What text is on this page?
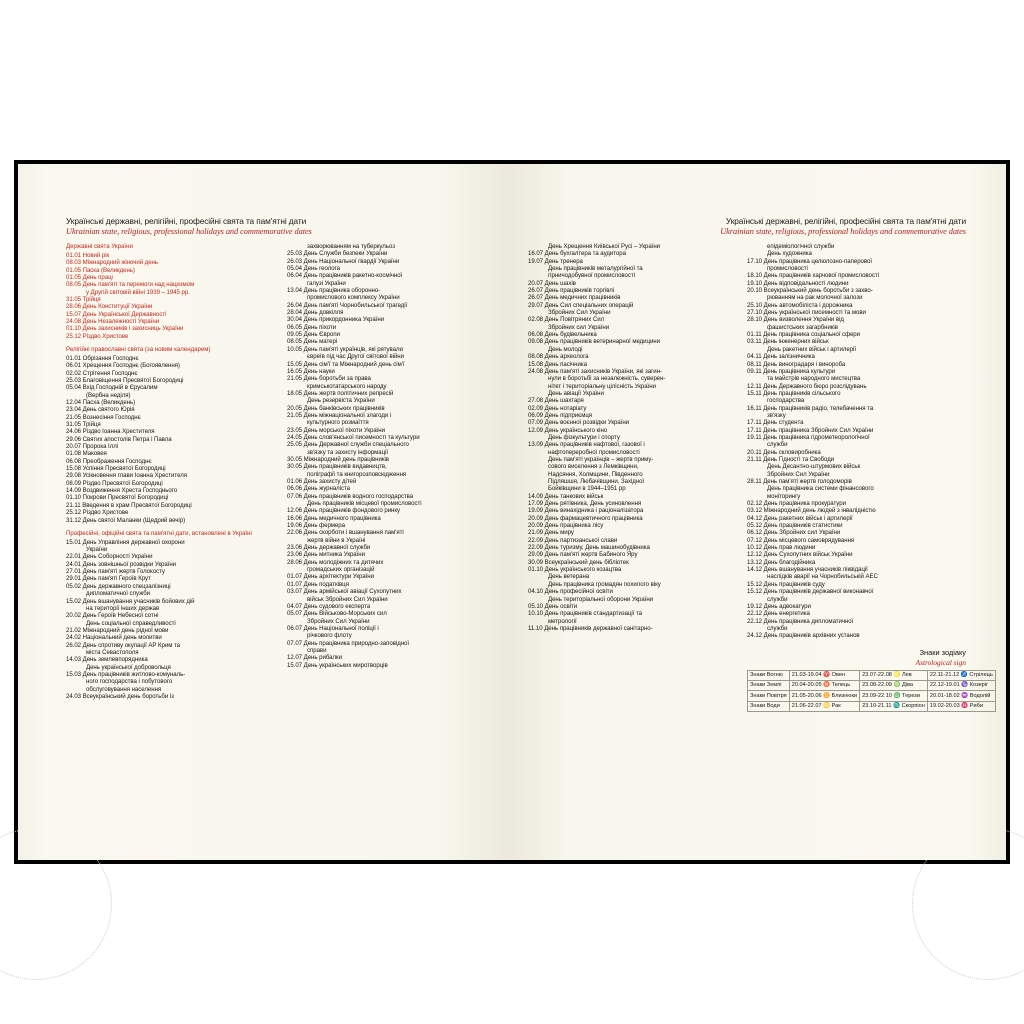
Українські державні, релігійні, професійні свята та пам'ятні дати
Ukrainian state, religious, professional holidays and commemorative dates
Державні свята України
01.01 Новий рік
08.03 Міжнародний жіночий день
01.05 Паска (Великдень)
01.05 День праці
08.05 День пам'яті та перемоги над нацизмом
у Другій світовій війні 1939 – 1945 рр.
31.05 Трійця
28.06 День Конституції України
15.07 День Української Державності
24.08 День Незалежності України
01.10 День захисників і захисниць України
25.12 Різдво Христове
Релігійні православні свята (за новим календарем)
01.01 Обрізання Господнє
06.01 Хрещення Господнє (Богоявлення)
02.02 Стрітення Господнє
25.03 Благовіщення Пресвятої Богородиці
05.04 Вхід Господній в Єрусалим
(Вербна неділя)
12.04 Пасха (Великдень)
23.04 День святого Юрія
21.05 Вознесіння Господнє
31.05 Трійця
24.06 Різдво Іоанна Хрестителя
29.06 Святих апостолів Петра і Павла
20.07 Пророка Іллі
01.08 Маковея
06.08 Преображення Господнє
15.08 Успіння Пресвятої Богородиці
29.08 Усікновення глави Іоанна Хрестителя
08.09 Різдво Пресвятої Богородиці
14.09 Воздвиження Хреста Господнього
01.10 Покрови Пресвятої Богородиці
21.11 Введення в храм Пресвятої Богородиці
25.12 Різдво Христове
31.12 День святої Маланки (Щедрий вечір)
Професійні, офіційні свята та пам'ятні дати, встановлені в Україні
15.01 День Управління державної охорони
України
22.01 День Соборності України
24.01 День зовнішньої розвідки України
27.01 День пам'яті жертв Голокосту
29.01 День пам'яті Героїв Крут
05.02 День державного спецзалізниці
дипломатичної служби
15.02 День вшанування учасників бойових дій
на території інших держав
20.02 День Героїв Небесної сотні
День соціальної справедливості
21.02 Міжнародний день рідної мови
24.02 Національний день молитви
26.02 День спротиву окупації АР Крим та
міста Севастополя
14.03 День землевпорядника
День української добровольця
15.03 День працівників житлово-комуналь-
ного господарства і побутового
обслуговування населення
24.03 Всеукраїнський день боротьби із
захворюванням на туберкульоз
25.03 День Служби безпеки України
26.03 День Національної гвардії України
05.04 День геолога
06.04 День працівників ракетно-космічної
галузі України
13.04 День працівника оборонно-
промислового комплексу України
26.04 День пам'яті Чорнобильської трагедії
28.04 День довкілля
30.04 День прикордонника України
06.05 День піхоти
09.05 День Європи
08.05 День матері
10.05 День пам'яті українців, які рятували
євреїв під час Другої світової війни
15.05 День сім'ї та Міжнародний день сім'ї
16.05 День науки
21.05 День боротьби за права
кримськотатарського народу
18.05 День жертв політичних репресій
День резервіста України
20.05 День банківських працівників
21.05 День міжнаціональної злагоди і
культурного розмаїття
23.05 День морської піхоти України
24.05 День слов'янської писемності та культури
25.05 День Державної служби спеціального
зв'язку та захисту інформації
30.05 Міжнародний день працівників
30.05 День працівників видавництв,
поліграфії та книгорозповсюдження
01.06 День захисту дітей
06.06 День журналіста
07.06 День працівників водного господарства
День працівників місцевої промисловості
12.06 День працівників фондового ринку
16.06 День медичного працівника
19.06 День фермера
22.06 День скорботи і вшанування пам'яті
жертв війни в Україні
23.06 День державної служби
23.06 День митника України
28.06 День молодіжних та дитячих
громадських організацій
01.07 День архітектури України
01.07 День податківця
03.07 День армійської авіації Сухопутних
військ Збройних Сил України
04.07 День судового експерта
05.07 День Військово-Морських сил
Збройних Сил України
06.07 День Національної поліції і
річкового флоту
07.07 День працівника природно-заповідної
справи
12.07 День рибалки
15.07 День українських миротворців
Українські державні, релігійні, професійні свята та пам'ятні дати
Ukrainian state, religious, professional holidays and commemorative dates
День Хрещення Київської Русі – України
16.07 День бухгалтера та аудитора
19.07 День тренера
День працівників металургійної та
гірничодобувної промисловості
20.07 День шахів
26.07 День працівників торгівлі
26.07 День медичних працівників
29.07 День Сил спеціальних операцій
Збройних Сил України
02.08 День Повітряних Сил
Збройних сил України
06.08 День будівельника
09.08 День працівників ветеринарної медицини
День молоді
08.08 День археолога
15.08 День пасічника
24.08 День пам'яті захисників України, які загин-
нули в боротьбі за незалежність, суверен-
нітет і територіальну цілісність України
День авіації України
27.08 День шахтаря
02.09 День нотаріату
06.09 День підприємця
07.09 День воєнної розвідки України
12.09 День українського кіно
День фізкультури і спорту
13.09 День працівників нафтової, газової і
нафтопереробної промисловості
День пам'яті українців – жертв приму-
сового виселення з Лемківщини,
Надсяння, Холмщини, Південного
Підляшшя, Любачівщини, Західної
Бойківщини в 1944–1951 рр
14.09 День танкових військ
17.09 День рятівника, День усиновлення
19.09 День винахідника і раціоналізатора
20.09 День фармацевтичного працівника
20.09 День працівника лісу
21.09 День миру
22.09 День партизанської слави
22.09 День туризму, День машинобудівника
29.09 День пам'яті жертв Бабиного Яру
30.09 Всеукраїнський день бібліотек
01.10 День українського козацтва
День ветерана
День працівника громадян похилого віку
04.10 День професійної освіти
День територіальної оборони України
05.10 День освіти
10.10 День працівників стандартизації та
метрології
11.10 День працівників державної санітарно-
епідеміологічної служби
День художника
17.10 День працівника целюлозно-паперової
промисловості
18.10 День працівників харчової промисловості
19.10 День відповідальності людини
20.10 Всеукраїнський день боротьби з захво-
рюванням на рак молочної залози
25.10 День автомобіліста і дорожника
27.10 День української писемності та мови
28.10 День визволення України від
фашистських загарбників
01.11 День працівника соціальної сфери
03.11 День інженерних військ
День ракетних військ і артилерії
04.11 День залізничника
08.11 День виноградаря і винороба
09.11 День працівника культури
та майстрів народного мистецтва
12.11 День Державного бюро розслідувань
15.11 День працівників сільського
господарства
16.11 День працівників радіо, телебачення та
зв'язку
17.11 День студента
17.11 День працівника Збройних Сил України
19.11 День працівника гідрометеорологічної
служби
20.11 День скловиробника
21.11 День Гідності та Свободи
День Десантно-штурмових військ
Збройних Сил України
28.11 День пам'яті жертв голодоморів
День працівника системи фінансового
моніторингу
02.12 День працівника прокуратури
03.12 Міжнародний день людей з інвалідністю
04.12 День ракетних військ і артилерії
05.12 День працівників статистики
06.12 День Збройних сил України
07.12 День місцевого самоврядування
10.12 День прав людини
12.12 День Сухопутних військ України
13.12 День благодійника
14.12 День вшанування учасників ліквідації
наслідків аварії на Чорнобильській АЕС
15.12 День працівників суду
15.12 День працівників державної виконавчої
служби
19.12 День адвокатури
22.12 День енергетика
22.12 День працівника дипломатичної
служби
24.12 День працівників архівних установ
Знаки зодіаку
Astrological sign
Знаки Вогню	21.03-19.04 ♈ Овен	23.07-22.08 ♌ Лев	22.11-21.12 ♐ Стрілець
Знаки Землі	20.04-20.05 ♉ Телець	23.08-22.09 ♍ Діва	22.12-19.01 ♑ Козеріг
Знаки Повітря	21.05-20.06 ♊ Близнюки	23.09-22.10 ♎ Терези	20.01-18.02 ♒ Водолій
Знаки Води	21.06-22.07 ♋ Рак	23.10-21.11 ♏ Скорпіон	19.02-20.03 ♓ Риби
